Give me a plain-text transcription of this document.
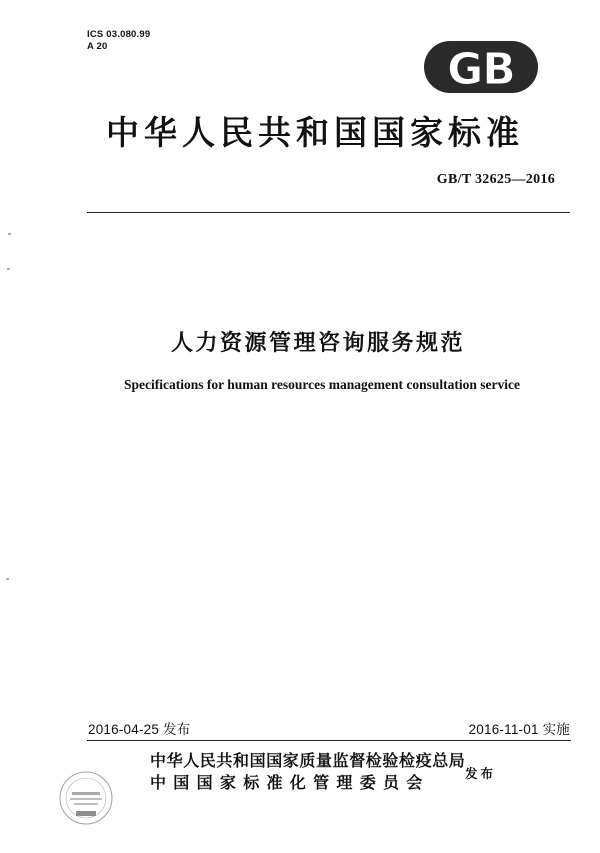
ICS 03.080.99
A 20	GB
中华人民共和国国家标准
GB/T 32625—2016
人力资源管理咨询服务规范
Specifications for human resources management consultation service
2016-04-25 发布	2016-11-01 实施
中华人民共和国国家质量监督检验检疫总局
中国国家标准化管理委员会	发布
